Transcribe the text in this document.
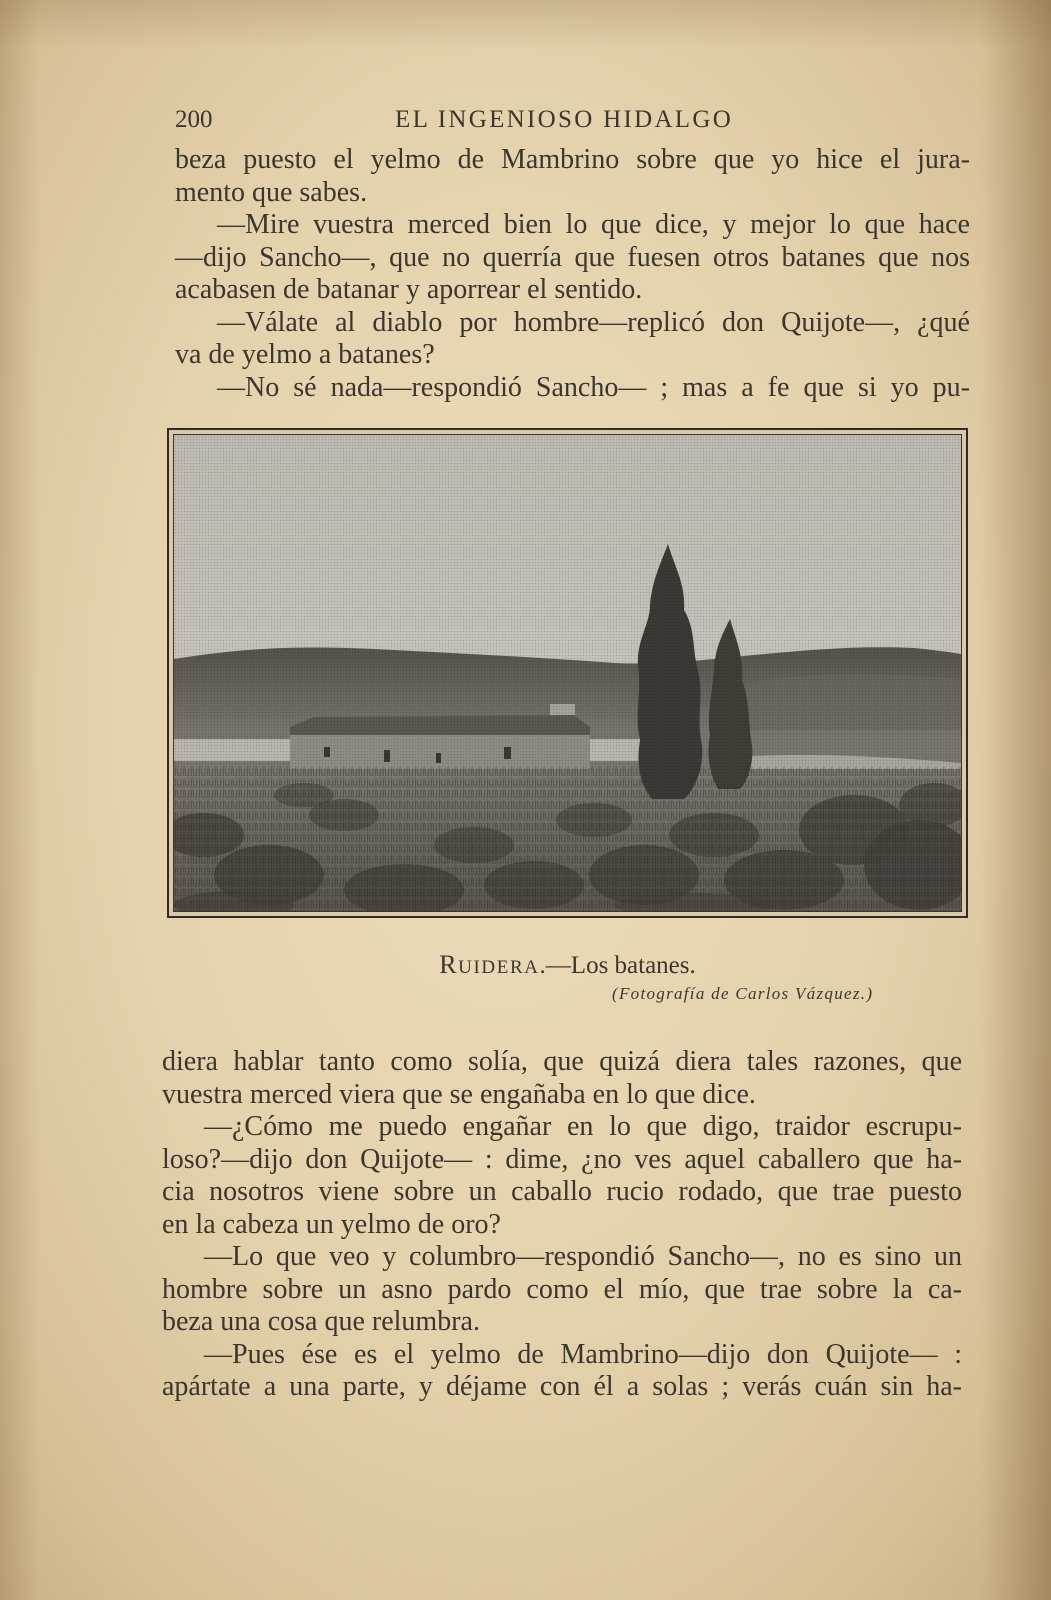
200	EL INGENIOSO HIDALGO
beza puesto el yelmo de Mambrino sobre que yo hice el jura-
mento que sabes.
—Mire vuestra merced bien lo que dice, y mejor lo que hace
—dijo Sancho—, que no querría que fuesen otros batanes que nos
acabasen de batanar y aporrear el sentido.
—Válate al diablo por hombre—replicó don Quijote—, ¿qué
va de yelmo a batanes?
—No sé nada—respondió Sancho— ; mas a fe que si yo pu-
RUIDERA.—Los batanes.
(Fotografía de Carlos Vázquez.)
diera hablar tanto como solía, que quizá diera tales razones, que
vuestra merced viera que se engañaba en lo que dice.
—¿Cómo me puedo engañar en lo que digo, traidor escrupu-
loso?—dijo don Quijote— : dime, ¿no ves aquel caballero que ha-
cia nosotros viene sobre un caballo rucio rodado, que trae puesto
en la cabeza un yelmo de oro?
—Lo que veo y columbro—respondió Sancho—, no es sino un
hombre sobre un asno pardo como el mío, que trae sobre la ca-
beza una cosa que relumbra.
—Pues ése es el yelmo de Mambrino—dijo don Quijote— :
apártate a una parte, y déjame con él a solas ; verás cuán sin ha-
